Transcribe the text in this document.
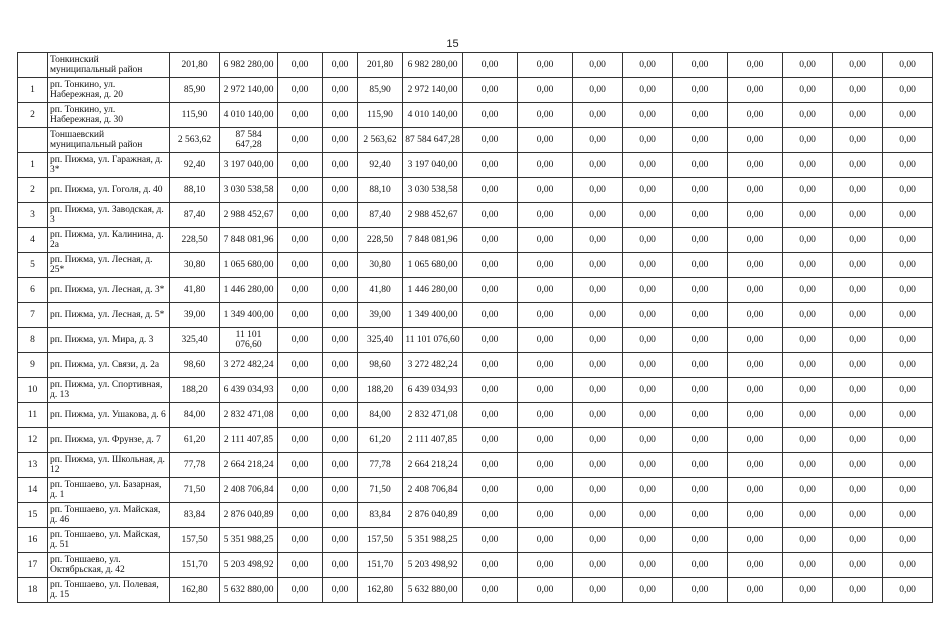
15
	Тонкинский муниципальный район	201,80	6 982 280,00	0,00	0,00	201,80	6 982 280,00	0,00	0,00	0,00	0,00	0,00	0,00	0,00	0,00	0,00
1	рп. Тонкино, ул. Набережная, д. 20	85,90	2 972 140,00	0,00	0,00	85,90	2 972 140,00	0,00	0,00	0,00	0,00	0,00	0,00	0,00	0,00	0,00
2	рп. Тонкино, ул. Набережная, д. 30	115,90	4 010 140,00	0,00	0,00	115,90	4 010 140,00	0,00	0,00	0,00	0,00	0,00	0,00	0,00	0,00	0,00
	Тоншаевский муниципальный район	2 563,62	87 584 647,28	0,00	0,00	2 563,62	87 584 647,28	0,00	0,00	0,00	0,00	0,00	0,00	0,00	0,00	0,00
1	рп. Пижма, ул. Гаражная, д. 3*	92,40	3 197 040,00	0,00	0,00	92,40	3 197 040,00	0,00	0,00	0,00	0,00	0,00	0,00	0,00	0,00	0,00
2	рп. Пижма, ул. Гоголя, д. 40	88,10	3 030 538,58	0,00	0,00	88,10	3 030 538,58	0,00	0,00	0,00	0,00	0,00	0,00	0,00	0,00	0,00
3	рп. Пижма, ул. Заводская, д. 3	87,40	2 988 452,67	0,00	0,00	87,40	2 988 452,67	0,00	0,00	0,00	0,00	0,00	0,00	0,00	0,00	0,00
4	рп. Пижма, ул. Калинина, д. 2а	228,50	7 848 081,96	0,00	0,00	228,50	7 848 081,96	0,00	0,00	0,00	0,00	0,00	0,00	0,00	0,00	0,00
5	рп. Пижма, ул. Лесная, д. 25*	30,80	1 065 680,00	0,00	0,00	30,80	1 065 680,00	0,00	0,00	0,00	0,00	0,00	0,00	0,00	0,00	0,00
6	рп. Пижма, ул. Лесная, д. 3*	41,80	1 446 280,00	0,00	0,00	41,80	1 446 280,00	0,00	0,00	0,00	0,00	0,00	0,00	0,00	0,00	0,00
7	рп. Пижма, ул. Лесная, д. 5*	39,00	1 349 400,00	0,00	0,00	39,00	1 349 400,00	0,00	0,00	0,00	0,00	0,00	0,00	0,00	0,00	0,00
8	рп. Пижма, ул. Мира, д. 3	325,40	11 101 076,60	0,00	0,00	325,40	11 101 076,60	0,00	0,00	0,00	0,00	0,00	0,00	0,00	0,00	0,00
9	рп. Пижма, ул. Связи, д. 2а	98,60	3 272 482,24	0,00	0,00	98,60	3 272 482,24	0,00	0,00	0,00	0,00	0,00	0,00	0,00	0,00	0,00
10	рп. Пижма, ул. Спортивная, д. 13	188,20	6 439 034,93	0,00	0,00	188,20	6 439 034,93	0,00	0,00	0,00	0,00	0,00	0,00	0,00	0,00	0,00
11	рп. Пижма, ул. Ушакова, д. 6	84,00	2 832 471,08	0,00	0,00	84,00	2 832 471,08	0,00	0,00	0,00	0,00	0,00	0,00	0,00	0,00	0,00
12	рп. Пижма, ул. Фрунзе, д. 7	61,20	2 111 407,85	0,00	0,00	61,20	2 111 407,85	0,00	0,00	0,00	0,00	0,00	0,00	0,00	0,00	0,00
13	рп. Пижма, ул. Школьная, д. 12	77,78	2 664 218,24	0,00	0,00	77,78	2 664 218,24	0,00	0,00	0,00	0,00	0,00	0,00	0,00	0,00	0,00
14	рп. Тоншаево, ул. Базарная, д. 1	71,50	2 408 706,84	0,00	0,00	71,50	2 408 706,84	0,00	0,00	0,00	0,00	0,00	0,00	0,00	0,00	0,00
15	рп. Тоншаево, ул. Майская, д. 46	83,84	2 876 040,89	0,00	0,00	83,84	2 876 040,89	0,00	0,00	0,00	0,00	0,00	0,00	0,00	0,00	0,00
16	рп. Тоншаево, ул. Майская, д. 51	157,50	5 351 988,25	0,00	0,00	157,50	5 351 988,25	0,00	0,00	0,00	0,00	0,00	0,00	0,00	0,00	0,00
17	рп. Тоншаево, ул. Октябрьская, д. 42	151,70	5 203 498,92	0,00	0,00	151,70	5 203 498,92	0,00	0,00	0,00	0,00	0,00	0,00	0,00	0,00	0,00
18	рп. Тоншаево, ул. Полевая, д. 15	162,80	5 632 880,00	0,00	0,00	162,80	5 632 880,00	0,00	0,00	0,00	0,00	0,00	0,00	0,00	0,00	0,00
